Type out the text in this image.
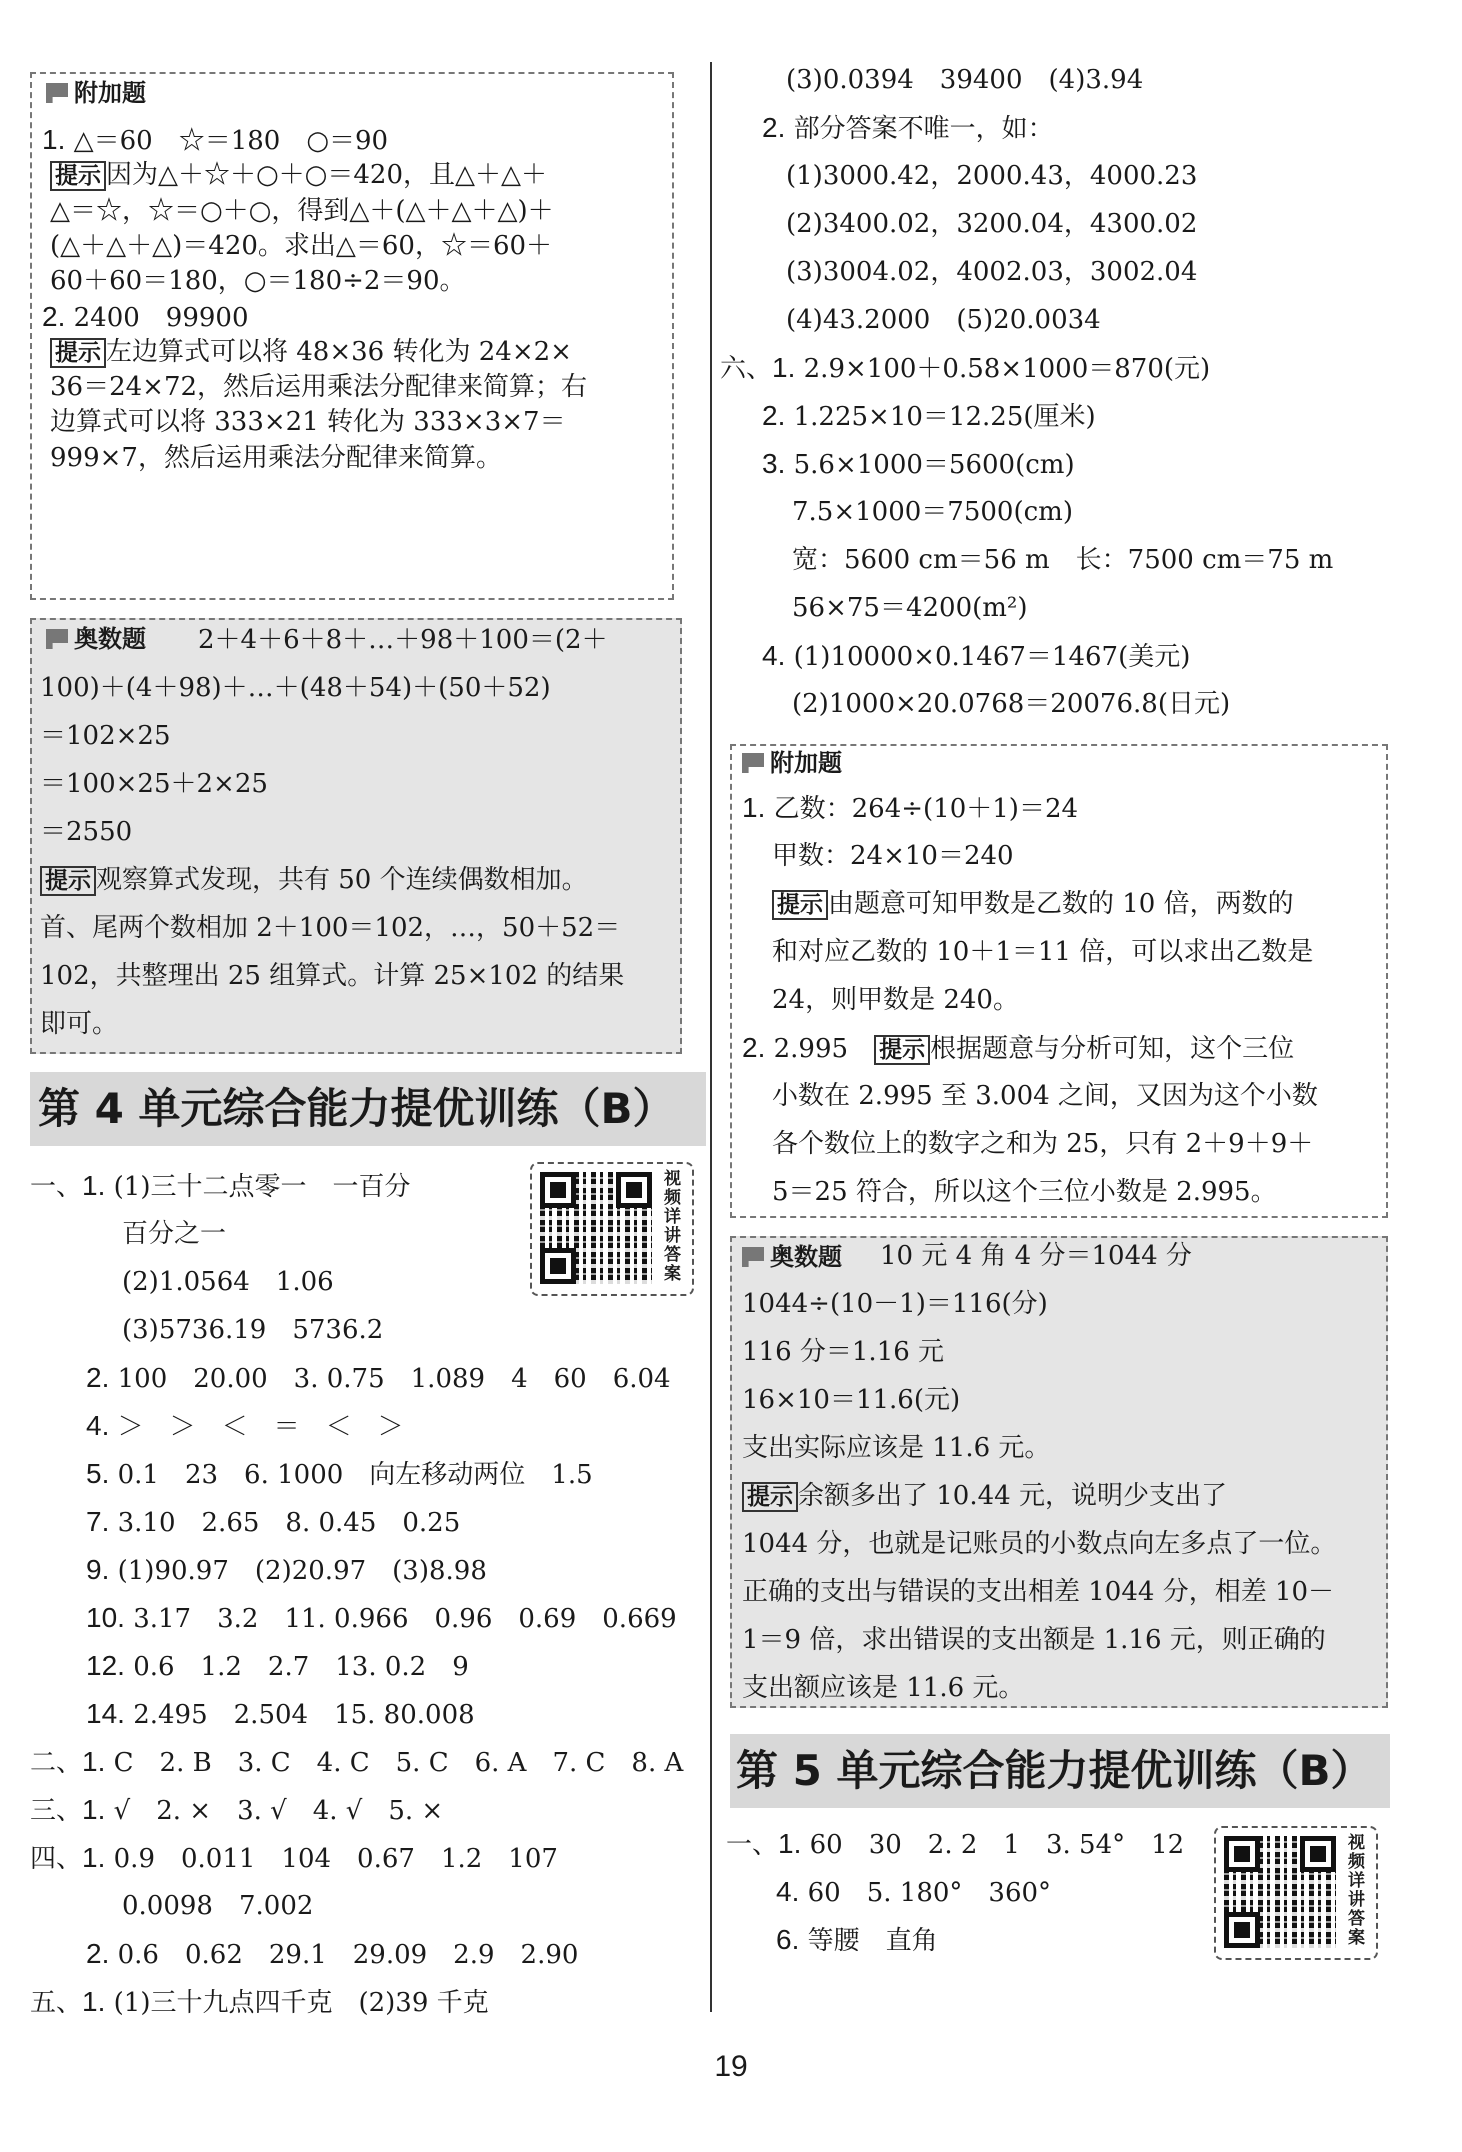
附加题
1. △＝60　☆＝180　○＝90
提示 因为△＋☆＋○＋○＝420，且△＋△＋
△＝☆，☆＝○＋○，得到△＋(△＋△＋△)＋
(△＋△＋△)＝420。求出△＝60，☆＝60＋
60＋60＝180，○＝180÷2＝90。
2. 2400　99900
提示 左边算式可以将 48×36 转化为 24×2×
36＝24×72，然后运用乘法分配律来简算；右
边算式可以将 333×21 转化为 333×3×7＝
999×7，然后运用乘法分配律来简算。
奥数题 2＋4＋6＋8＋…＋98＋100＝(2＋
100)＋(4＋98)＋…＋(48＋54)＋(50＋52)
＝102×25
＝100×25＋2×25
＝2550
提示 观察算式发现，共有 50 个连续偶数相加。
首、尾两个数相加 2＋100＝102，…，50＋52＝
102，共整理出 25 组算式。计算 25×102 的结果
即可。
第 4 单元综合能力提优训练（B）
视频详讲答案
一、1. (1)三十二点零一　一百分
百分之一
(2)1.0564　1.06
(3)5736.19　5736.2
2. 100　20.00　3. 0.75　1.089　4　60　6.04
4. ＞　＞　＜　＝　＜　＞
5. 0.1　23　6. 1000　向左移动两位　1.5
7. 3.10　2.65　8. 0.45　0.25
9. (1)90.97　(2)20.97　(3)8.98
10. 3.17　3.2　11. 0.966　0.96　0.69　0.669
12. 0.6　1.2　2.7　13. 0.2　9
14. 2.495　2.504　15. 80.008
二、1. C　2. B　3. C　4. C　5. C　6. A　7. C　8. A
三、1. √　2. ×　3. √　4. √　5. ×
四、1. 0.9　0.011　104　0.67　1.2　107
0.0098　7.002
2. 0.6　0.62　29.1　29.09　2.9　2.90
五、1. (1)三十九点四千克　(2)39 千克
(3)0.0394　39400　(4)3.94
2. 部分答案不唯一，如：
(1)3000.42，2000.43，4000.23
(2)3400.02，3200.04，4300.02
(3)3004.02，4002.03，3002.04
(4)43.2000　(5)20.0034
六、1. 2.9×100＋0.58×1000＝870(元)
2. 1.225×10＝12.25(厘米)
3. 5.6×1000＝5600(cm)
7.5×1000＝7500(cm)
宽：5600 cm＝56 m　长：7500 cm＝75 m
56×75＝4200(m²)
4. (1)10000×0.1467＝1467(美元)
(2)1000×20.0768＝20076.8(日元)
附加题
1. 乙数：264÷(10＋1)＝24
甲数：24×10＝240
提示 由题意可知甲数是乙数的 10 倍，两数的
和对应乙数的 10＋1＝11 倍，可以求出乙数是
24，则甲数是 240。
2. 2.995　提示 根据题意与分析可知，这个三位
小数在 2.995 至 3.004 之间，又因为这个小数
各个数位上的数字之和为 25，只有 2＋9＋9＋
5＝25 符合，所以这个三位小数是 2.995。
奥数题 10 元 4 角 4 分＝1044 分
1044÷(10－1)＝116(分)
116 分＝1.16 元
16×10＝11.6(元)
支出实际应该是 11.6 元。
提示 余额多出了 10.44 元，说明少支出了
1044 分，也就是记账员的小数点向左多点了一位。
正确的支出与错误的支出相差 1044 分，相差 10－
1＝9 倍，求出错误的支出额是 1.16 元，则正确的
支出额应该是 11.6 元。
第 5 单元综合能力提优训练（B）
视频详讲答案
一、1. 60　30　2. 2　1　3. 54°　12
4. 60　5. 180°　360°
6. 等腰　直角
19
